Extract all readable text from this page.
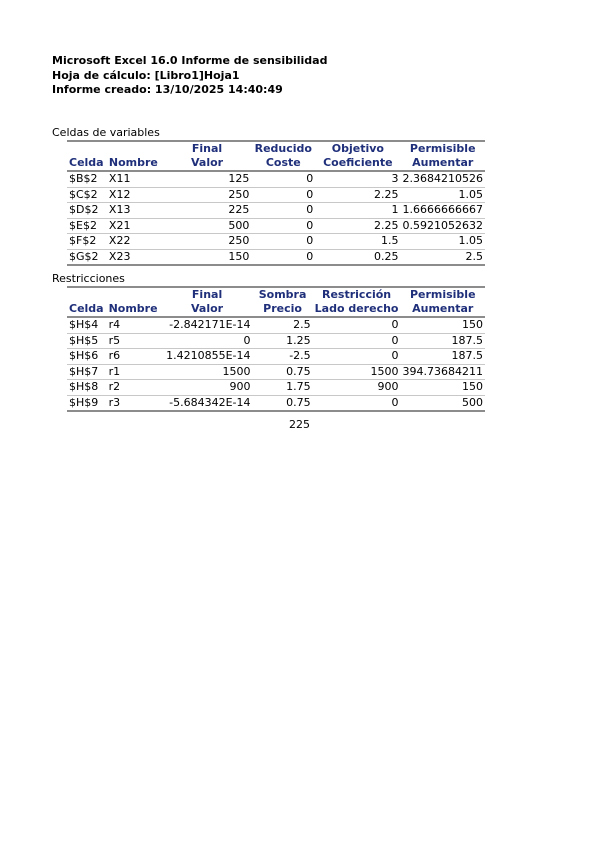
Microsoft Excel 16.0 Informe de sensibilidad
Hoja de cálculo: [Libro1]Hoja1
Informe creado: 13/10/2025 14:40:49
Celdas de variables
		Final	Reducido	Objetivo	Permisible
Celda	Nombre	Valor	Coste	Coeficiente	Aumentar
$B$2	X11	125	0	3	2.3684210526
$C$2	X12	250	0	2.25	1.05
$D$2	X13	225	0	1	1.6666666667
$E$2	X21	500	0	2.25	0.5921052632
$F$2	X22	250	0	1.5	1.05
$G$2	X23	150	0	0.25	2.5
Restricciones
		Final	Sombra	Restricción	Permisible
Celda	Nombre	Valor	Precio	Lado derecho	Aumentar
$H$4	r4	-2.842171E-14	2.5	0	150
$H$5	r5	0	1.25	0	187.5
$H$6	r6	1.4210855E-14	-2.5	0	187.5
$H$7	r1	1500	0.75	1500	394.73684211
$H$8	r2	900	1.75	900	150
$H$9	r3	-5.684342E-14	0.75	0	500
225
